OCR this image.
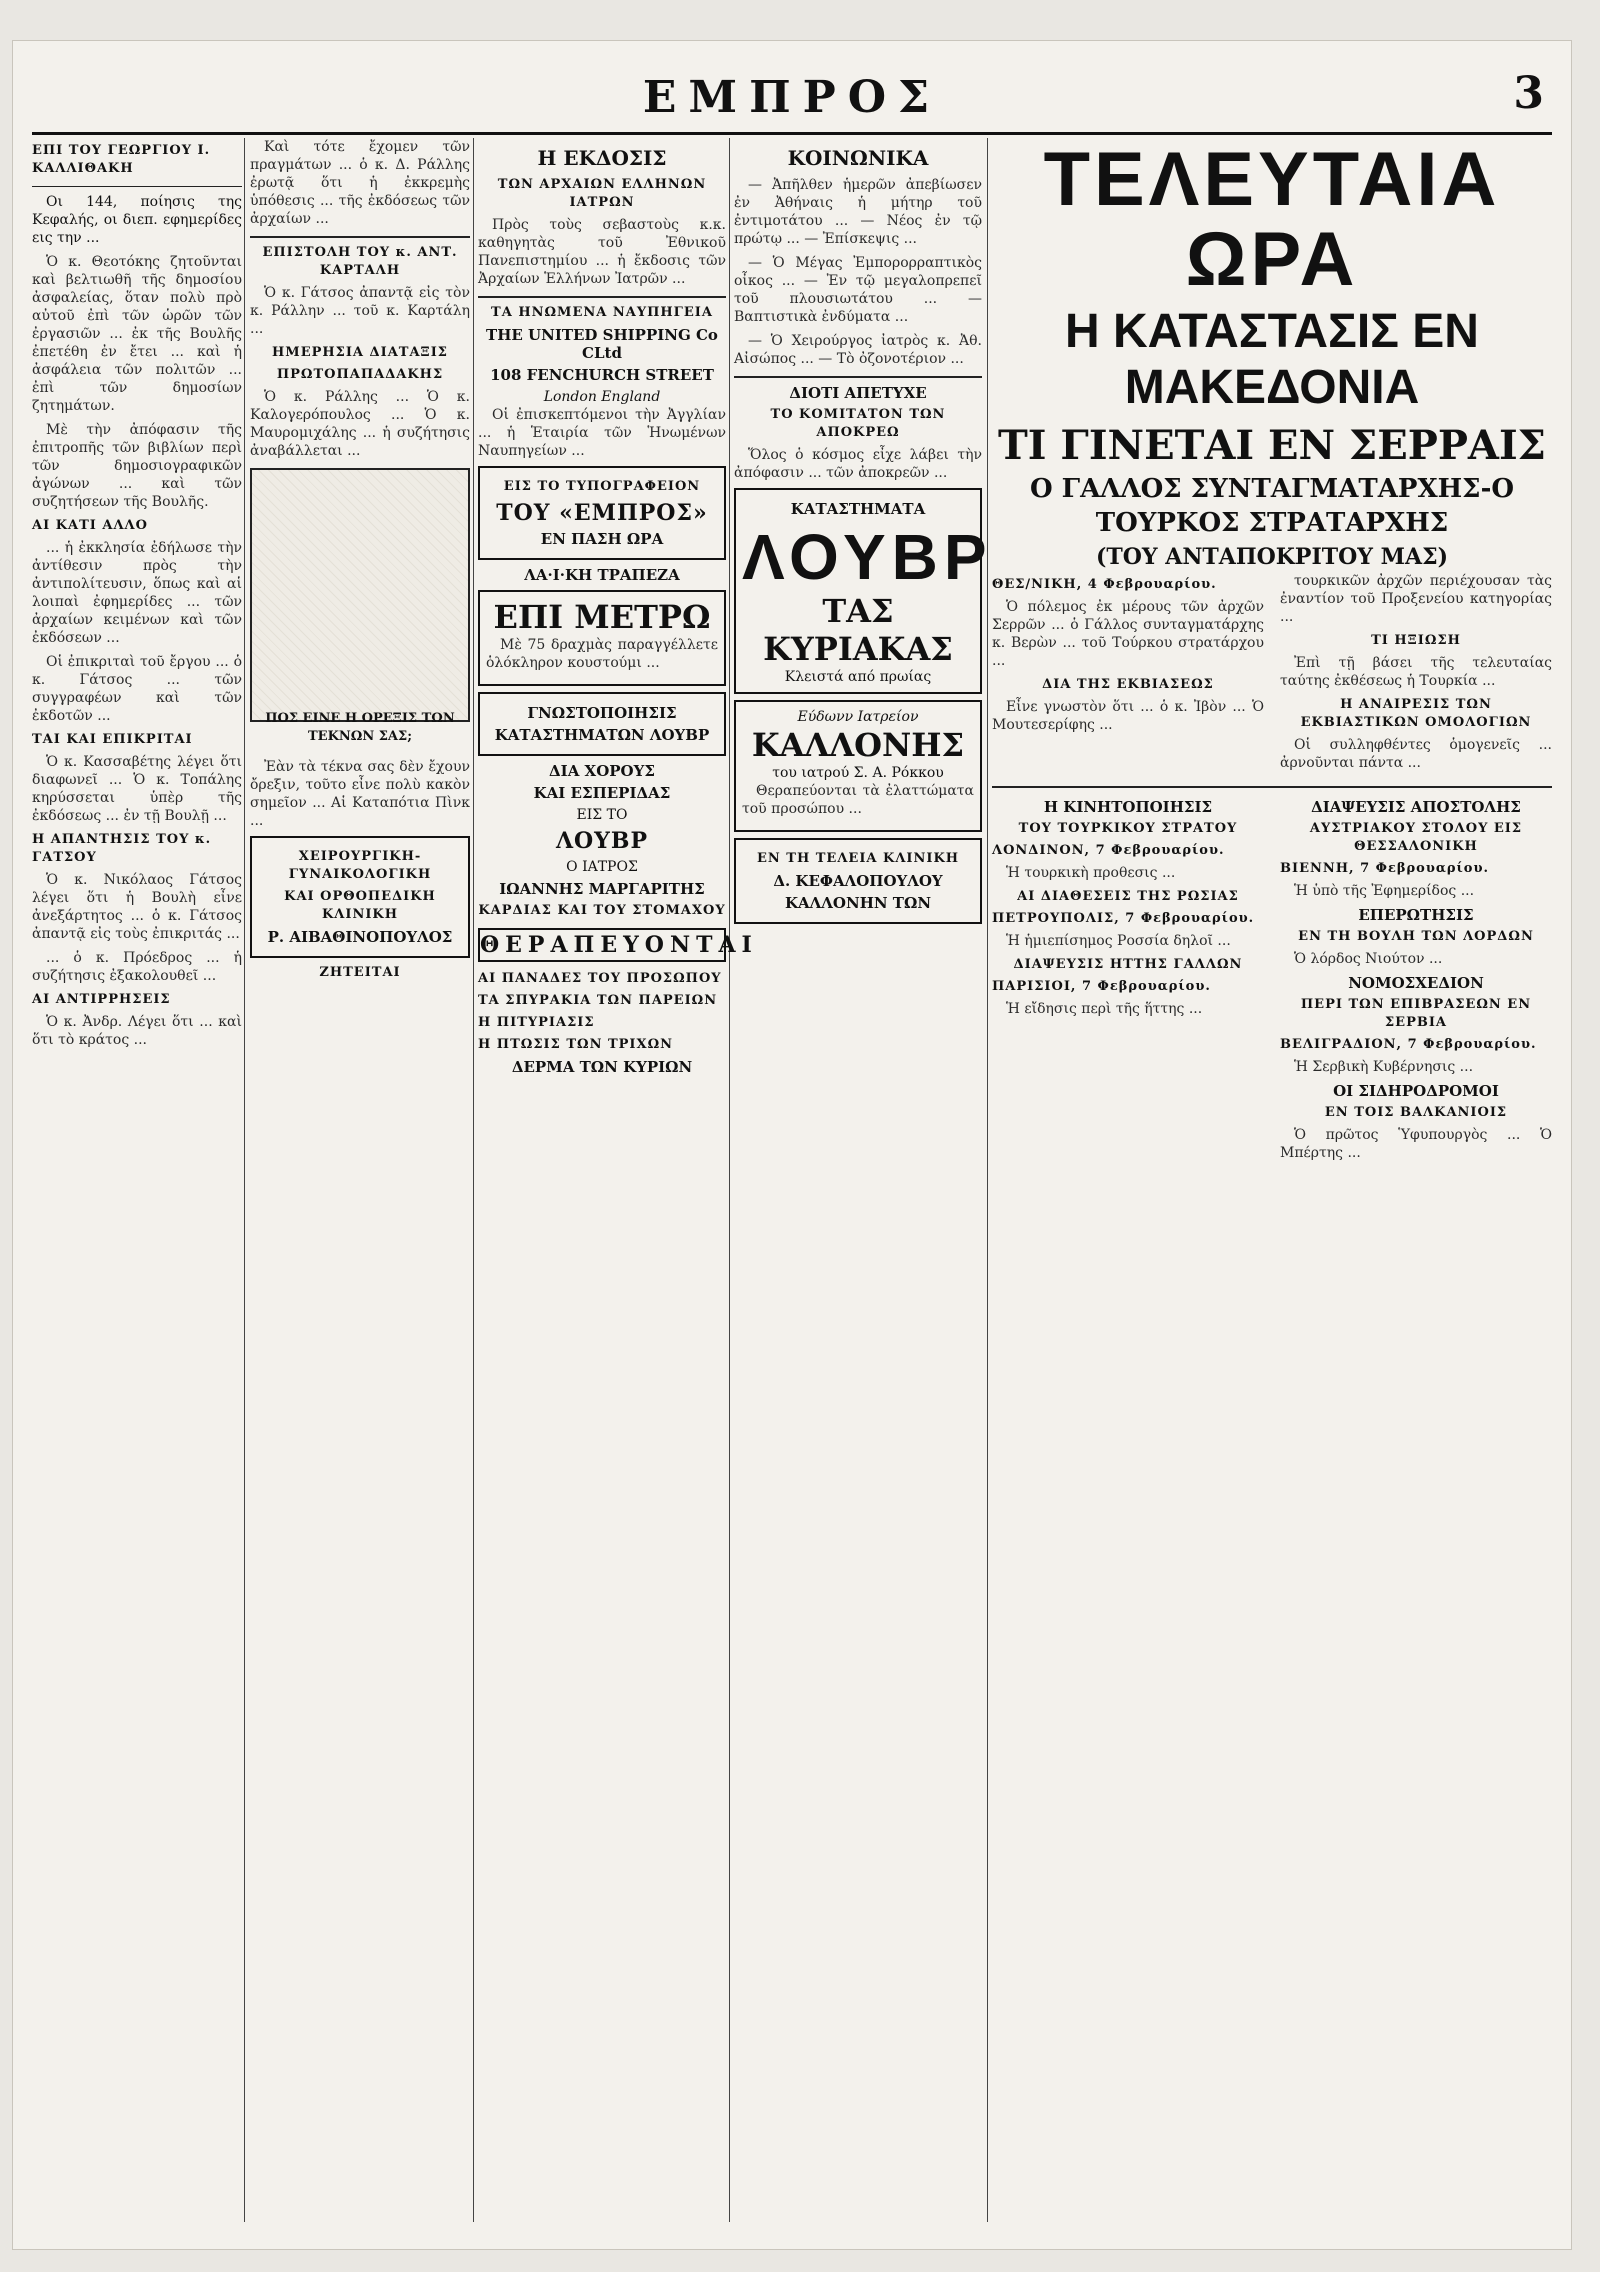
ΕΜΠΡΟΣ	3
ΕΠΙ ΤΟΥ ΓΕΩΡΓΙΟΥ Ι. ΚΑΛΛΙΘΑΚΗ

Οι 144, ποίησις της Κεφαλής, οι διεπ. εφημερίδες εις την ...

Ὁ κ. Θεοτόκης ζητοῦνται καὶ βελτιωθῆ τῆς δημοσίου ἀσφαλείας, ὅταν πολὺ πρὸ αὐτοῦ ἐπὶ τῶν ὡρῶν τῶν ἐργασιῶν ... ἐκ τῆς Βουλῆς ἐπετέθη ἐν ἔτει ... καὶ ἡ ἀσφάλεια τῶν πολιτῶν ... ἐπὶ τῶν δημοσίων ζητημάτων.

Μὲ τὴν ἀπόφασιν τῆς ἐπιτροπῆς τῶν βιβλίων περὶ τῶν δημοσιογραφικῶν ἀγώνων ... καὶ τῶν συζητήσεων τῆς Βουλῆς.

ΑΙ ΚΑΤΙ ΑΛΛΟ

... ἡ ἐκκλησία ἐδήλωσε τὴν ἀντίθεσιν πρὸς τὴν ἀντιπολίτευσιν, ὅπως καὶ αἱ λοιπαὶ ἐφημερίδες ... τῶν ἀρχαίων κειμένων καὶ τῶν ἐκδόσεων ...

Οἱ ἐπικριταὶ τοῦ ἔργου ... ὁ κ. Γάτσος ... τῶν συγγραφέων καὶ τῶν ἐκδοτῶν ...

ΤΑΙ ΚΑΙ ΕΠΙΚΡΙΤΑΙ

Ὁ κ. Κασσαβέτης λέγει ὅτι διαφωνεῖ ... Ὁ κ. Τοπάλης κηρύσσεται ὑπὲρ τῆς ἐκδόσεως ... ἐν τῇ Βουλῇ ...

Η ΑΠΑΝΤΗΣΙΣ ΤΟΥ κ. ΓΑΤΣΟΥ

Ὁ κ. Νικόλαος Γάτσος λέγει ὅτι ἡ Βουλὴ εἶνε ἀνεξάρτητος ... ὁ κ. Γάτσος ἀπαντᾷ εἰς τοὺς ἐπικριτάς ...

... ὁ κ. Πρόεδρος ... ἡ συζήτησις ἐξακολουθεῖ ...

ΑΙ ΑΝΤΙΡΡΗΣΕΙΣ

Ὁ κ. Ἀνδρ. Λέγει ὅτι ... καὶ ὅτι τὸ κράτος ...

Καὶ τότε ἔχομεν τῶν πραγμάτων ... ὁ κ. Δ. Ράλλης ἐρωτᾷ ὅτι ἡ ἐκκρεμὴς ὑπόθεσις ... τῆς ἐκδόσεως τῶν ἀρχαίων ...

ΕΠΙΣΤΟΛΗ ΤΟΥ κ. ΑΝΤ. ΚΑΡΤΑΛΗ

Ὁ κ. Γάτσος ἀπαντᾷ εἰς τὸν κ. Ράλλην ... τοῦ κ. Καρτάλη ...

ΗΜΕΡΗΣΙΑ ΔΙΑΤΑΞΙΣ
ΠΡΩΤΟΠΑΠΑΔΑΚΗΣ

Ὁ κ. Ράλλης ... Ὁ κ. Καλογερόπουλος ... Ὁ κ. Μαυρομιχάλης ... ἡ συζήτησις ἀναβάλλεται ...

ΠΟΣ ΕΙΝΕ Η ΟΡΕΞΙΣ ΤΩΝ ΤΕΚΝΩΝ ΣΑΣ;

Ἐὰν τὰ τέκνα σας δὲν ἔχουν ὄρεξιν, τοῦτο εἶνε πολὺ κακὸν σημεῖον ... Αἱ Καταπότια Πὶνκ ...

ΧΕΙΡΟΥΡΓΙΚΗ-ΓΥΝΑΙΚΟΛΟΓΙΚΗ
ΚΑΙ ΟΡΘΟΠΕΔΙΚΗ ΚΛΙΝΙΚΗ
Ρ. ΑΙΒΑΘΙΝΟΠΟΥΛΟΣ
ΖΗΤΕΙΤΑΙ
Η ΕΚΔΟΣΙΣ
ΤΩΝ ΑΡΧΑΙΩΝ ΕΛΛΗΝΩΝ ΙΑΤΡΩΝ

Πρὸς τοὺς σεβαστοὺς κ.κ. καθηγητὰς τοῦ Ἐθνικοῦ Πανεπιστημίου ... ἡ ἔκδοσις τῶν Ἀρχαίων Ἑλλήνων Ἰατρῶν ...

ΤΑ ΗΝΩΜΕΝΑ ΝΑΥΠΗΓΕΙΑ
THE UNITED SHIPPING Co CLtd
108 FENCHURCH STREET
London England

Οἱ ἐπισκεπτόμενοι τὴν Ἀγγλίαν ... ἡ Ἑταιρία τῶν Ἡνωμένων Ναυπηγείων ...

ΕΙΣ ΤΟ ΤΥΠΟΓΡΑΦΕΙΟΝ
ΤΟΥ «ΕΜΠΡΟΣ»
ΕΝ ΠΑΣΗ ΩΡΑ
ΛΑ·Ι·ΚΗ ΤΡΑΠΕΖΑ
ΕΠΙ ΜΕΤΡΩ

Μὲ 75 δραχμὰς παραγγέλλετε ὁλόκληρον κουστούμι ...

ΓΝΩΣΤΟΠΟΙΗΣΙΣ
ΚΑΤΑΣΤΗΜΑΤΩΝ ΛΟΥΒΡ
ΔΙΑ ΧΟΡΟΥΣ
ΚΑΙ ΕΣΠΕΡΙΔΑΣ
ΕΙΣ ΤΟ
ΛΟΥΒΡ
Ο ΙΑΤΡΟΣ
ΙΩΑΝΝΗΣ ΜΑΡΓΑΡΙΤΗΣ
ΚΑΡΔΙΑΣ ΚΑΙ ΤΟΥ ΣΤΟΜΑΧΟΥ
ΘΕΡΑΠΕΥΟΝΤΑΙ
ΑΙ ΠΑΝΑΔΕΣ ΤΟΥ ΠΡΟΣΩΠΟΥ
ΤΑ ΣΠΥΡΑΚΙΑ ΤΩΝ ΠΑΡΕΙΩΝ
Η ΠΙΤΥΡΙΑΣΙΣ
Η ΠΤΩΣΙΣ ΤΩΝ ΤΡΙΧΩΝ
ΔΕΡΜΑ ΤΩΝ ΚΥΡΙΩΝ
ΚΟΙΝΩΝΙΚΑ

— Ἀπῆλθεν ἡμερῶν ἀπεβίωσεν ἐν Ἀθήναις ἡ μήτηρ τοῦ ἐντιμοτάτου ... — Νέος ἐν τῷ πρώτῳ ... — Ἐπίσκεψις ...

— Ὁ Μέγας Ἐμπορορραπτικὸς οἶκος ... — Ἐν τῷ μεγαλοπρεπεῖ τοῦ πλουσιωτάτου ... — Βαπτιστικὰ ἐνδύματα ...

— Ὁ Χειρούργος ἰατρὸς κ. Ἀθ. Αἰσώπος ... — Τὸ ὀζονοτέριον ...

ΔΙΟΤΙ ΑΠΕΤΥΧΕ
ΤΟ ΚΟΜΙΤΑΤΟΝ ΤΩΝ ΑΠΟΚΡΕΩ

Ὅλος ὁ κόσμος εἶχε λάβει τὴν ἀπόφασιν ... τῶν ἀποκρεῶν ...

ΚΑΤΑΣΤΗΜΑΤΑ
ΛΟΥΒΡ
ΤΑΣ
ΚΥΡΙΑΚΑΣ
Κλειστά από πρωίας
Εύδωνν Ιατρείον
ΚΑΛΛΟΝΗΣ
του ιατρού Σ. Α. Ρόκκου

Θεραπεύονται τὰ ἐλαττώματα τοῦ προσώπου ...

ΕΝ ΤΗ ΤΕΛΕΙΑ ΚΛΙΝΙΚΗ
Δ. ΚΕΦΑΛΟΠΟΥΛΟΥ
ΚΑΛΛΟΝΗΝ ΤΩΝ
ΤΕΛΕΥΤΑΙΑ ΩΡΑ
Η ΚΑΤΑΣΤΑΣΙΣ ΕΝ ΜΑΚΕΔΟΝΙΑ
ΤΙ ΓΙΝΕΤΑΙ ΕΝ ΣΕΡΡΑΙΣ
Ο ΓΑΛΛΟΣ ΣΥΝΤΑΓΜΑΤΑΡΧΗΣ-Ο ΤΟΥΡΚΟΣ ΣΤΡΑΤΑΡΧΗΣ
(ΤΟΥ ΑΝΤΑΠΟΚΡΙΤΟΥ ΜΑΣ)
ΘΕΣ/ΝΙΚΗ, 4 Φεβρουαρίου.

Ὁ πόλεμος ἐκ μέρους τῶν ἀρχῶν Σερρῶν ... ὁ Γάλλος συνταγματάρχης κ. Βερὼν ... τοῦ Τούρκου στρατάρχου ...

ΔΙΑ ΤΗΣ ΕΚΒΙΑΣΕΩΣ

Εἶνε γνωστὸν ὅτι ... ὁ κ. Ἰβὸν ... Ὁ Μουτεσερίφης ...

τουρκικῶν ἀρχῶν περιέχουσαν τὰς ἐναντίον τοῦ Προξενείου κατηγορίας ...

ΤΙ ΗΞΙΩΣΗ

Ἐπὶ τῇ βάσει τῆς τελευταίας ταύτης ἐκθέσεως ἡ Τουρκία ...

Η ΑΝΑΙΡΕΣΙΣ ΤΩΝ ΕΚΒΙΑΣΤΙΚΩΝ ΟΜΟΛΟΓΙΩΝ

Οἱ συλληφθέντες ὁμογενεῖς ... ἀρνοῦνται πάντα ...

Η ΚΙΝΗΤΟΠΟΙΗΣΙΣ
ΤΟΥ ΤΟΥΡΚΙΚΟΥ ΣΤΡΑΤΟΥ
ΛΟΝΔΙΝΟΝ, 7 Φεβρουαρίου.

Ἡ τουρκικὴ προθεσις ...

ΑΙ ΔΙΑΘΕΣΕΙΣ ΤΗΣ ΡΩΣΙΑΣ
ΠΕΤΡΟΥΠΟΛΙΣ, 7 Φεβρουαρίου.

Ἡ ἡμιεπίσημος Ροσσία δηλοῖ ...

ΔΙΑΨΕΥΣΙΣ ΗΤΤΗΣ ΓΑΛΛΩΝ
ΠΑΡΙΣΙΟΙ, 7 Φεβρουαρίου.

Ἡ εἴδησις περὶ τῆς ἥττης ...

ΔΙΑΨΕΥΣΙΣ ΑΠΟΣΤΟΛΗΣ
ΑΥΣΤΡΙΑΚΟΥ ΣΤΟΛΟΥ ΕΙΣ ΘΕΣΣΑΛΟΝΙΚΗ
ΒΙΕΝΝΗ, 7 Φεβρουαρίου.

Ἡ ὑπὸ τῆς Ἐφημερίδος ...

ΕΠΕΡΩΤΗΣΙΣ
ΕΝ ΤΗ ΒΟΥΛΗ ΤΩΝ ΛΟΡΔΩΝ

Ὁ λόρδος Νιούτον ...

ΝΟΜΟΣΧΕΔΙΟΝ
ΠΕΡΙ ΤΩΝ ΕΠΙΒΡΑΣΕΩΝ ΕΝ ΣΕΡΒΙΑ
ΒΕΛΙΓΡΑΔΙΟΝ, 7 Φεβρουαρίου.

Ἡ Σερβικὴ Κυβέρνησις ...

ΟΙ ΣΙΔΗΡΟΔΡΟΜΟΙ
ΕΝ ΤΟΙΣ ΒΑΛΚΑΝΙΟΙΣ

Ὁ πρῶτος Ὑφυπουργὸς ... Ὁ Μπέρτης ...
